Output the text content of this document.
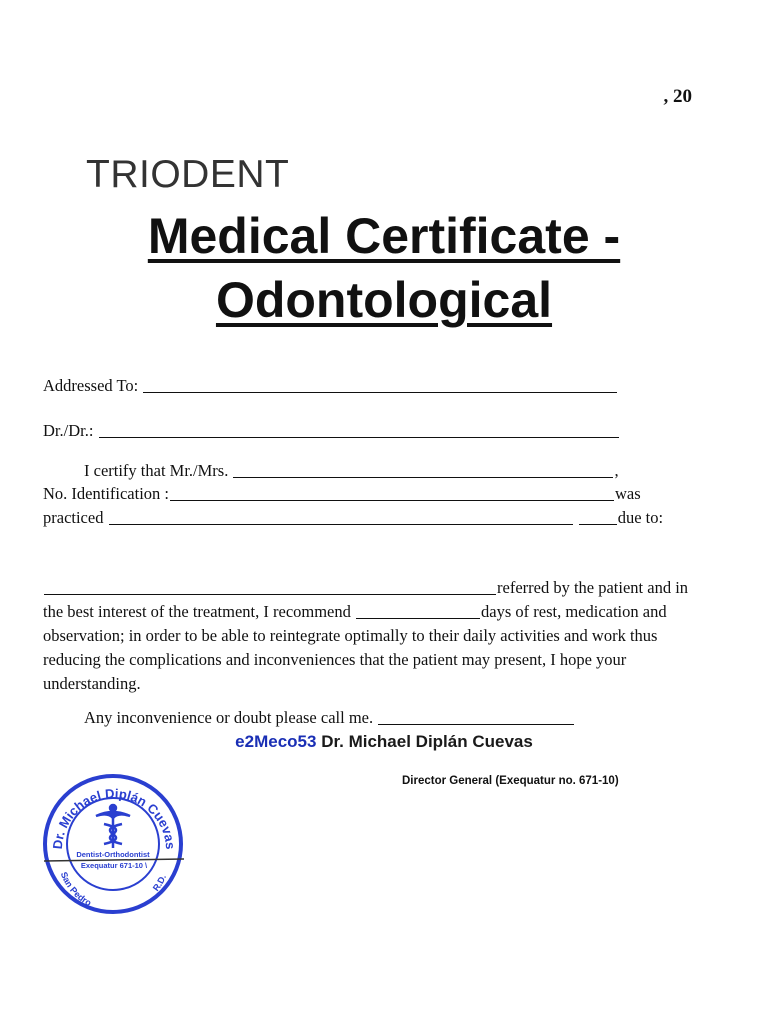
, 20
TRIODENT
Medical Certificate -
Odontological
Addressed To:
Dr./Dr.:
I certify that Mr./Mrs.	,
No. Identification :	was
practiced	due to:
referred by the patient and in
the best interest of the treatment, I recommend	days of rest, medication and
observation; in order to be able to reintegrate optimally to their daily activities and work thus
reducing the complications and inconveniences that the patient may present, I hope your
understanding.
Any inconvenience or doubt please call me.
e2Meco53 Dr. Michael Diplán Cuevas
Director General (Exequatur no. 671-10)
Dr. Michael Diplán Cuevas
San Pedro
R.D.
Dentist-Orthodontist
Exequatur 671-10 \
